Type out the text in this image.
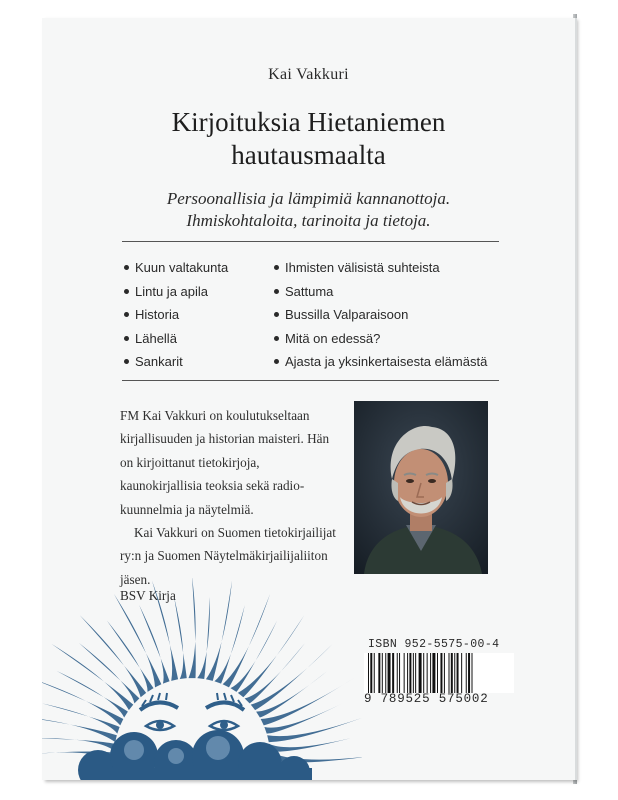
Kai Vakkuri
Kirjoituksia Hietaniemen
hautausmaalta
Persoonallisia ja lämpimiä kannanottoja.
Ihmiskohtaloita, tarinoita ja tietoja.
Kuun valtakunta
Lintu ja apila
Historia
Lähellä
Sankarit
Ihmisten välisistä suhteista
Sattuma
Bussilla Valparaisoon
Mitä on edessä?
Ajasta ja yksinkertaisesta elämästä

FM Kai Vakkuri on koulutukseltaan kirjallisuuden ja historian maisteri. Hän on kirjoittanut tietokirjoja, kaunokirjallisia teoksia sekä radiokuunnelmia ja näytelmiä.

Kai Vakkuri on Suomen tietokirjailijat ry:n ja Suomen Näytelmäkirjailijaliiton jäsen.

BSV Kirja
ISBN 952-5575-00-4
9 789525 575002
